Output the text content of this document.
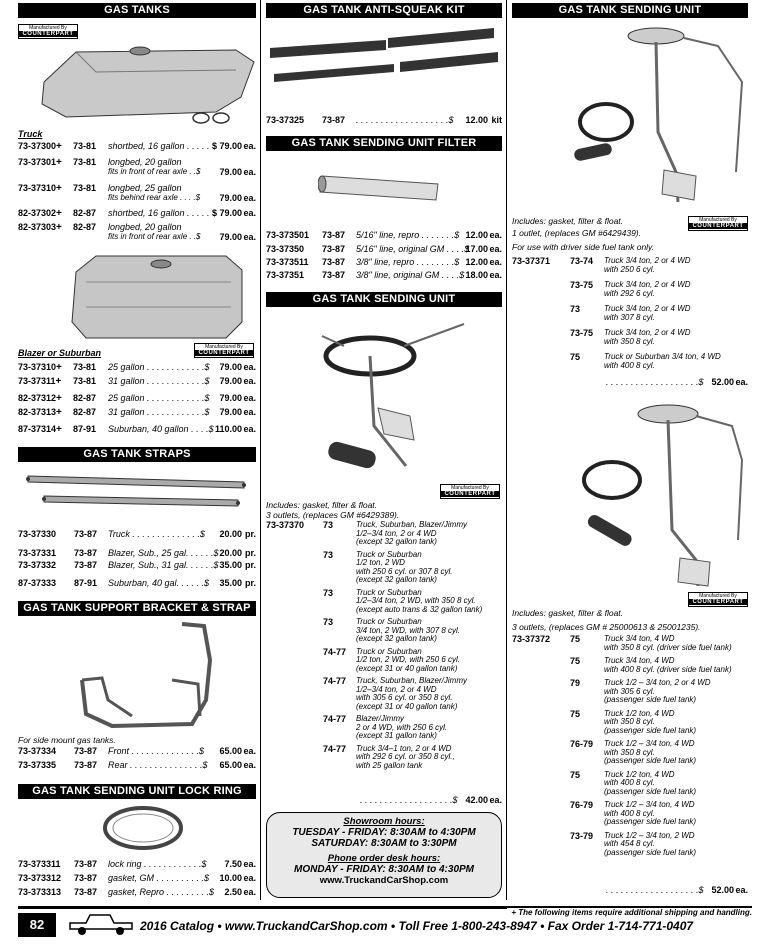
GAS TANKS
Manufactured By
COUNTERPART
Truck
73-37300+ 73-81 shortbed, 16 gallon . . . . . $ 79.00 ea.
73-37301+ 73-81 longbed, 20 gallon
fits in front of rear axle . .$ 79.00 ea.
73-37310+ 73-81 longbed, 25 gallon
fits behind rear axle . . . .$ 79.00 ea.
82-37302+ 82-87 shortbed, 16 gallon . . . . . $ 79.00 ea.
82-37303+ 82-87 longbed, 20 gallon
fits in front of rear axle . .$ 79.00 ea.
Manufactured By
COUNTERPART
Blazer or Suburban
73-37310+ 73-81 25 gallon . . . . . . . . . . . .$ 79.00 ea.
73-37311+ 73-81 31 gallon . . . . . . . . . . . .$ 79.00 ea.
82-37312+ 82-87 25 gallon . . . . . . . . . . . .$ 79.00 ea.
82-37313+ 82-87 31 gallon . . . . . . . . . . . .$ 79.00 ea.
87-37314+ 87-91 Suburban, 40 gallon . . . .$ 110.00 ea.
GAS TANK STRAPS
73-37330 73-87 Truck . . . . . . . . . . . . . .$ 20.00 pr.
73-37331 73-87 Blazer, Sub., 25 gal. . . . . .$ 20.00 pr.
73-37332 73-87 Blazer, Sub., 31 gal. . . . . .$ 35.00 pr.
87-37333 87-91 Suburban, 40 gal. . . . . .$ 35.00 pr.
GAS TANK SUPPORT BRACKET & STRAP
For side mount gas tanks.
73-37334 73-87 Front . . . . . . . . . . . . . .$ 65.00 ea.
73-37335 73-87 Rear . . . . . . . . . . . . . . .$ 65.00 ea.
GAS TANK SENDING UNIT LOCK RING
73-373311 73-87 lock ring . . . . . . . . . . . .$ 7.50 ea.
73-373312 73-87 gasket, GM . . . . . . . . . .$ 10.00 ea.
73-373313 73-87 gasket, Repro . . . . . . . . .$ 2.50 ea.
GAS TANK ANTI-SQUEAK KIT
73-37325 73-87 . . . . . . . . . . . . . . . . . . .$ 12.00 kit
GAS TANK SENDING UNIT FILTER
73-373501 73-87 5/16" line, repro . . . . . . .$ 12.00 ea.
73-37350 73-87 5/16" line, original GM . . . .$
17.00 ea.
73-373511 73-87 3/8" line, repro . . . . . . . .$ 12.00 ea.
73-37351 73-87 3/8" line, original GM . . . .$ 18.00 ea.
GAS TANK SENDING UNIT
Manufactured By
COUNTERPART
Includes: gasket, filter & float.
3 outlets, (replaces GM #6429389).
73-37370 73	Truck, Suburban, Blazer/Jimmy
1/2–3/4 ton, 2 or 4 WD
(except 32 gallon tank)
73	Truck or Suburban
1/2 ton, 2 WD
with 250 6 cyl. or 307 8 cyl.
(except 32 gallon tank)
73	Truck or Suburban
1/2–3/4 ton, 2 WD, with 350 8 cyl.
(except auto trans & 32 gallon tank)
73	Truck or Suburban
3/4 ton, 2 WD, with 307 8 cyl.
(except 32 gallon tank)
74-77 Truck or Suburban
1/2 ton, 2 WD, with 250 6 cyl.
(except 31 or 40 gallon tank)
74-77 Truck, Suburban, Blazer/Jimmy
1/2–3/4 ton, 2 or 4 WD
with 305 6 cyl. or 350 8 cyl.
(except 31 or 40 gallon tank)
74-77 Blazer/Jimmy
2 or 4 WD, with 250 6 cyl.
(except 31 gallon tank)
74-77 Truck 3/4–1 ton, 2 or 4 WD
with 292 6 cyl. or 350 8 cyl.,
with 25 gallon tank
. . . . . . . . . . . . . . . . . . .$ 42.00 ea.
Showroom hours:
TUESDAY - FRIDAY: 8:30AM to 4:30PM
SATURDAY: 8:30AM to 3:30PM
Phone order desk hours:
MONDAY - FRIDAY: 8:30AM to 4:30PM
www.TruckandCarShop.com
GAS TANK SENDING UNIT
Manufactured By
COUNTERPART
Includes: gasket, filter & float.
1 outlet, (replaces GM #6429439).
For use with driver side fuel tank only.
73-37371 73-74 Truck 3/4 ton, 2 or 4 WD
with 250 6 cyl.
73-75 Truck 3/4 ton, 2 or 4 WD
with 292 6 cyl.
73	Truck 3/4 ton, 2 or 4 WD
with 307 8 cyl.
73-75 Truck 3/4 ton, 2 or 4 WD
with 350 8 cyl.
75	Truck or Suburban 3/4 ton, 4 WD
with 400 8 cyl.
. . . . . . . . . . . . . . . . . . .$ 52.00 ea.
Manufactured By
COUNTERPART
Includes: gasket, filter & float.
3 outlets, (replaces GM # 25000613 & 25001235).
73-37372 75	Truck 3/4 ton, 4 WD
with 350 8 cyl. (driver side fuel tank)
75	Truck 3/4 ton, 4 WD
with 400 8 cyl. (driver side fuel tank)
79	Truck 1/2 – 3/4 ton, 2 or 4 WD
with 305 6 cyl.
(passenger side fuel tank)
75	Truck 1/2 ton, 4 WD
with 350 8 cyl.
(passenger side fuel tank)
76-79 Truck 1/2 – 3/4 ton, 4 WD
with 350 8 cyl.
(passenger side fuel tank)
75	Truck 1/2 ton, 4 WD
with 400 8 cyl.
(passenger side fuel tank)
76-79 Truck 1/2 – 3/4 ton, 4 WD
with 400 8 cyl.
(passenger side fuel tank)
73-79 Truck 1/2 – 3/4 ton, 2 WD
with 454 8 cyl.
(passenger side fuel tank)
. . . . . . . . . . . . . . . . . . .$ 52.00 ea.
+ The following items require additional shipping and handling.
82	2016 Catalog • www.TruckandCarShop.com • Toll Free 1-800-243-8947 • Fax Order 1-714-771-0407
